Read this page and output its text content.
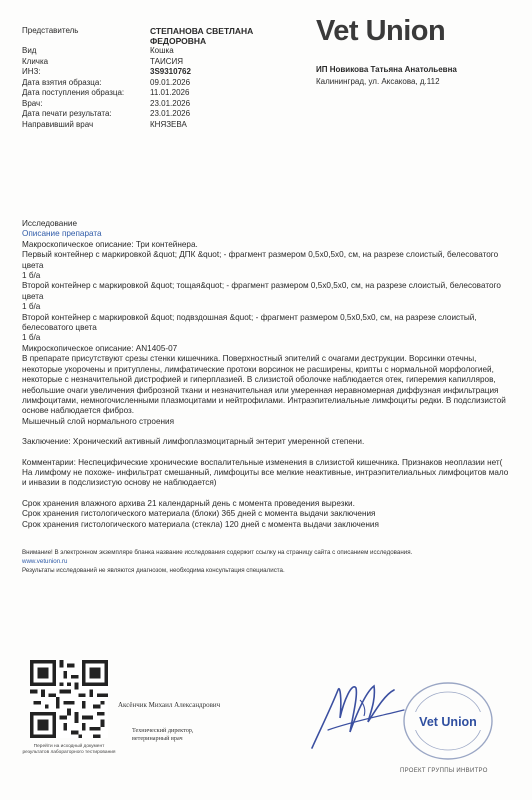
Vet Union
ИП Новикова Татьяна Анатольевна
Калининград, ул. Аксакова, д.112
Представитель	СТЕПАНОВА СВЕТЛАНА ФЕДОРОВНА
Вид	Кошка
Кличка	ТАИСИЯ
ИНЗ:	3S9310762
Дата взятия образца:	09.01.2026
Дата поступления образца:	11.01.2026
Врач:	23.01.2026
Дата печати результата:	23.01.2026
Направивший врач	КНЯЗЕВА

Исследование

Описание препарата

Макроскопическое описание: Три контейнера.

Первый контейнер с маркировкой &quot; ДПК &quot; - фрагмент размером 0,5х0,5х0, см, на разрезе слоистый, белесоватого цвета

1 б/а

Второй контейнер с маркировкой &quot; тощая&quot; - фрагмент размером 0,5х0,5х0, см, на разрезе слоистый, белесоватого цвета

1 б/а

Второй контейнер с маркировкой &quot; подвздошная &quot; - фрагмент размером 0,5х0,5х0, см, на разрезе слоистый, белесоватого цвета

1 б/а

Микроскопическое описание: AN1405-07

В препарате присутствуют срезы стенки кишечника. Поверхностный эпителий с очагами деструкции. Ворсинки отечны, некоторые укорочены и притуплены, лимфатические протоки ворсинок не расширены, крипты с нормальной морфологией, некоторые с незначительной дистрофией и гиперплазией. В слизистой оболочке наблюдается отек, гиперемия капилляров, небольшие очаги увеличения фиброзной ткани и незначительная или умеренная неравномерная диффузная инфильтрация лимфоцитами, немногочисленными плазмоцитами и нейтрофилами. Интраэпителиальные лимфоциты редки. В подслизистой основе наблюдается фиброз.

Мышечный слой нормального строения

Заключение: Хронический активный лимфоплазмоцитарный энтерит умеренной степени.

Комментарии: Неспецифические хронические воспалительные изменения в слизистой кишечника. Признаков неоплазии нет( На лимфому не похоже- инфильтрат смешанный, лимфоциты все мелкие неактивные, интраэпителиальных лимфоцитов мало и инвазии в подслизистую основу не наблюдается)

Срок хранения влажного архива 21 календарный день с момента проведения вырезки.

Срок хранения гистологического материала (блоки) 365 дней с момента выдачи заключения

Срок хранения гистологического материала (стекла) 120 дней с момента выдачи заключения

Внимание! В электронном экземпляре бланка название исследования содержит ссылку на страницу сайта с описанием исследования.

www.vetunion.ru

Результаты исследований не являются диагнозом, необходима консультация специалиста.

Перейти на исходный документ результатов лабораторного тестирования
Аксёнчик Михаил Александрович
Технический директор,
ветеринарный врач
Vet Union
ПРОЕКТ ГРУППЫ ИНВИТРО
